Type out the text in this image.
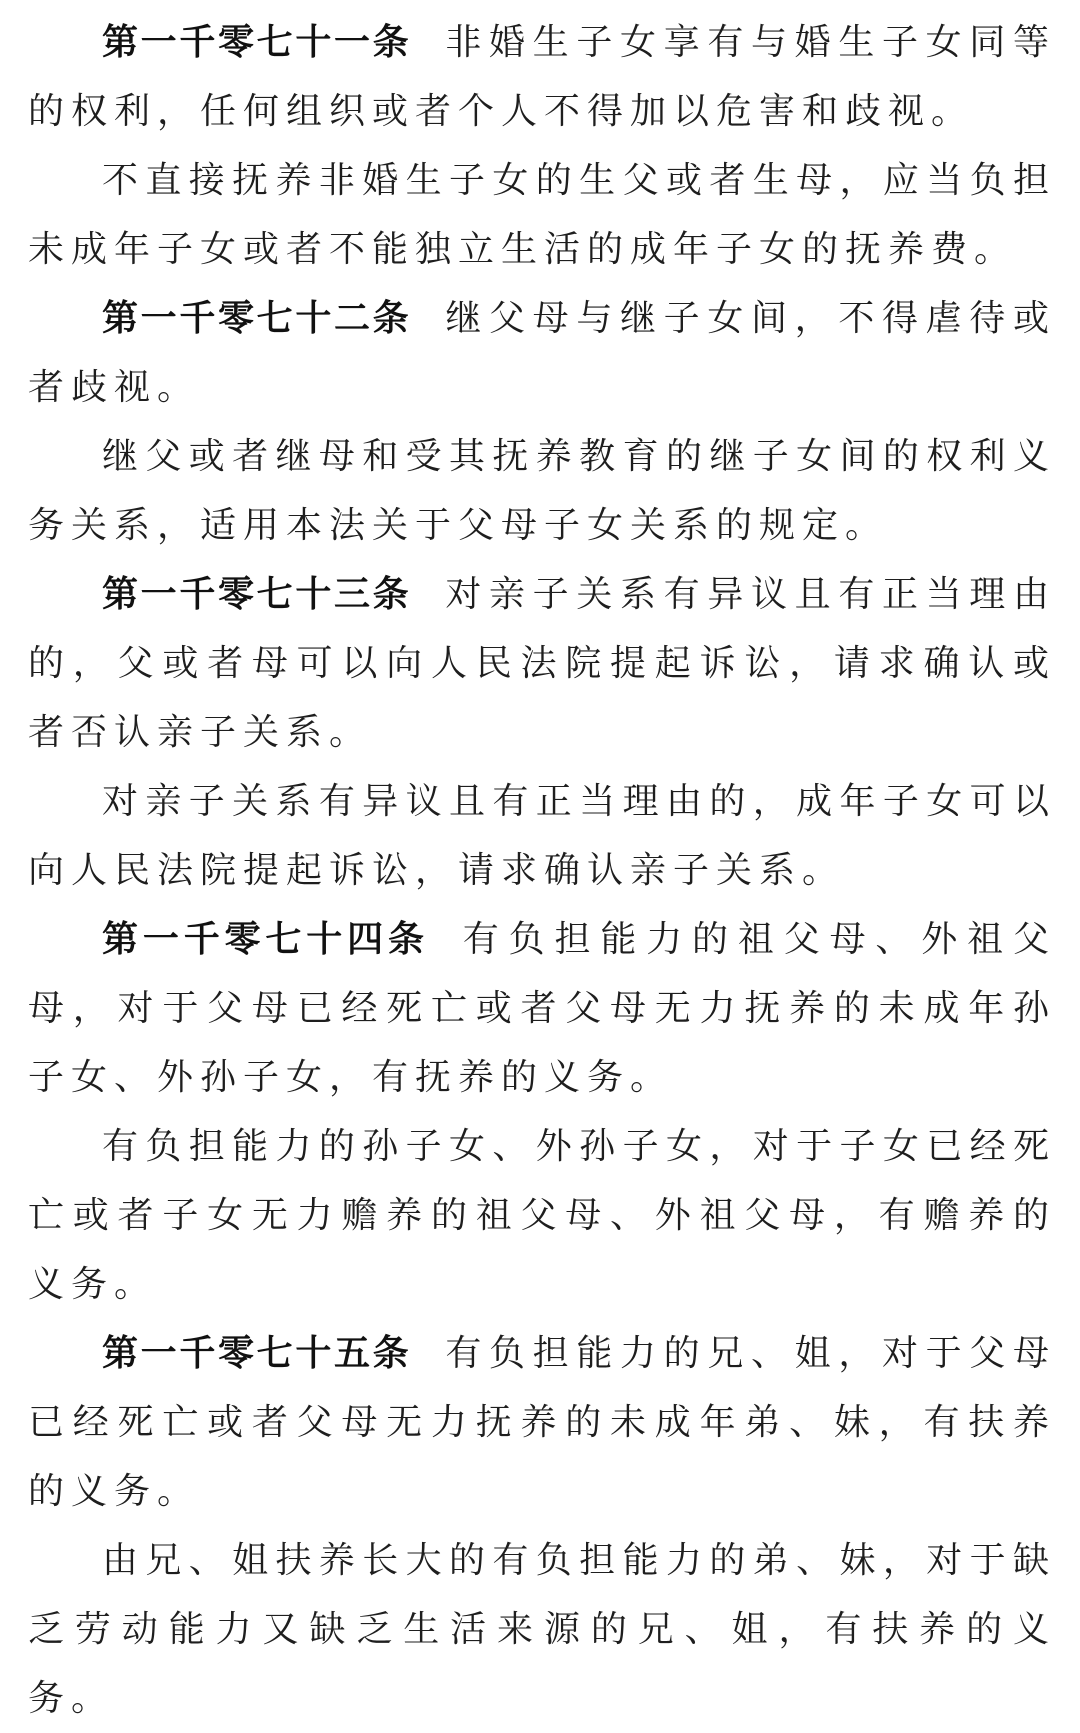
第一千零七十一条 非婚生子女享有与婚生子女同等的权利，任何组织或者个人不得加以危害和歧视。

不直接抚养非婚生子女的生父或者生母，应当负担未成年子女或者不能独立生活的成年子女的抚养费。

第一千零七十二条 继父母与继子女间，不得虐待或者歧视。

继父或者继母和受其抚养教育的继子女间的权利义务关系，适用本法关于父母子女关系的规定。

第一千零七十三条 对亲子关系有异议且有正当理由的，父或者母可以向人民法院提起诉讼，请求确认或者否认亲子关系。

对亲子关系有异议且有正当理由的，成年子女可以向人民法院提起诉讼，请求确认亲子关系。

第一千零七十四条 有负担能力的祖父母、外祖父母，对于父母已经死亡或者父母无力抚养的未成年孙子女、外孙子女，有抚养的义务。

有负担能力的孙子女、外孙子女，对于子女已经死亡或者子女无力赡养的祖父母、外祖父母，有赡养的义务。

第一千零七十五条 有负担能力的兄、姐，对于父母已经死亡或者父母无力抚养的未成年弟、妹，有扶养的义务。

由兄、姐扶养长大的有负担能力的弟、妹，对于缺乏劳动能力又缺乏生活来源的兄、姐，有扶养的义务。
